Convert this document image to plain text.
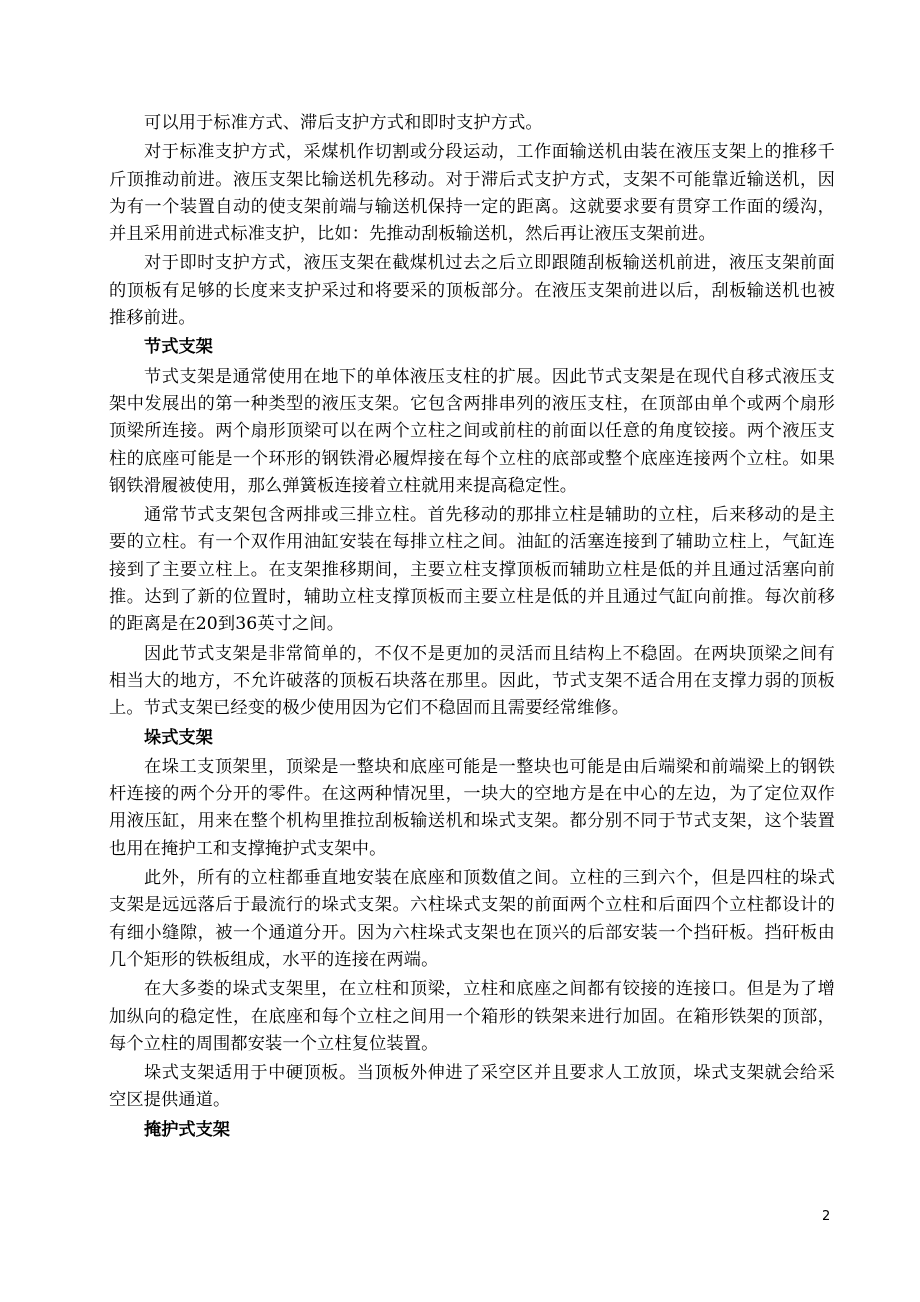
可以用于标准方式、滞后支护方式和即时支护方式。

对于标准支护方式，采煤机作切割或分段运动，工作面输送机由装在液压支架上的推移千斤顶推动前进。液压支架比输送机先移动。对于滞后式支护方式，支架不可能靠近输送机，因为有一个装置自动的使支架前端与输送机保持一定的距离。这就要求要有贯穿工作面的缓沟，并且采用前进式标准支护，比如：先推动刮板输送机，然后再让液压支架前进。

对于即时支护方式，液压支架在截煤机过去之后立即跟随刮板输送机前进，液压支架前面的顶板有足够的长度来支护采过和将要采的顶板部分。在液压支架前进以后，刮板输送机也被推移前进。

节式支架

节式支架是通常使用在地下的单体液压支柱的扩展。因此节式支架是在现代自移式液压支架中发展出的第一种类型的液压支架。它包含两排串列的液压支柱，在顶部由单个或两个扇形顶梁所连接。两个扇形顶梁可以在两个立柱之间或前柱的前面以任意的角度铰接。两个液压支柱的底座可能是一个环形的钢铁滑必履焊接在每个立柱的底部或整个底座连接两个立柱。如果钢铁滑履被使用，那么弹簧板连接着立柱就用来提高稳定性。

通常节式支架包含两排或三排立柱。首先移动的那排立柱是辅助的立柱，后来移动的是主要的立柱。有一个双作用油缸安装在每排立柱之间。油缸的活塞连接到了辅助立柱上，气缸连接到了主要立柱上。在支架推移期间，主要立柱支撑顶板而辅助立柱是低的并且通过活塞向前推。达到了新的位置时，辅助立柱支撑顶板而主要立柱是低的并且通过气缸向前推。每次前移的距离是在20到36英寸之间。

因此节式支架是非常简单的，不仅不是更加的灵活而且结构上不稳固。在两块顶梁之间有相当大的地方，不允许破落的顶板石块落在那里。因此，节式支架不适合用在支撑力弱的顶板上。节式支架已经变的极少使用因为它们不稳固而且需要经常维修。

垛式支架

在垛工支顶架里，顶梁是一整块和底座可能是一整块也可能是由后端梁和前端梁上的钢铁杆连接的两个分开的零件。在这两种情况里，一块大的空地方是在中心的左边，为了定位双作用液压缸，用来在整个机构里推拉刮板输送机和垛式支架。都分别不同于节式支架，这个装置也用在掩护工和支撑掩护式支架中。

此外，所有的立柱都垂直地安装在底座和顶数值之间。立柱的三到六个，但是四柱的垛式支架是远远落后于最流行的垛式支架。六柱垛式支架的前面两个立柱和后面四个立柱都设计的有细小缝隙，被一个通道分开。因为六柱垛式支架也在顶兴的后部安装一个挡矸板。挡矸板由几个矩形的铁板组成，水平的连接在两端。

在大多娄的垛式支架里，在立柱和顶梁，立柱和底座之间都有铰接的连接口。但是为了增加纵向的稳定性，在底座和每个立柱之间用一个箱形的铁架来进行加固。在箱形铁架的顶部，每个立柱的周围都安装一个立柱复位装置。

垛式支架适用于中硬顶板。当顶板外伸进了采空区并且要求人工放顶，垛式支架就会给采空区提供通道。

掩护式支架

2
